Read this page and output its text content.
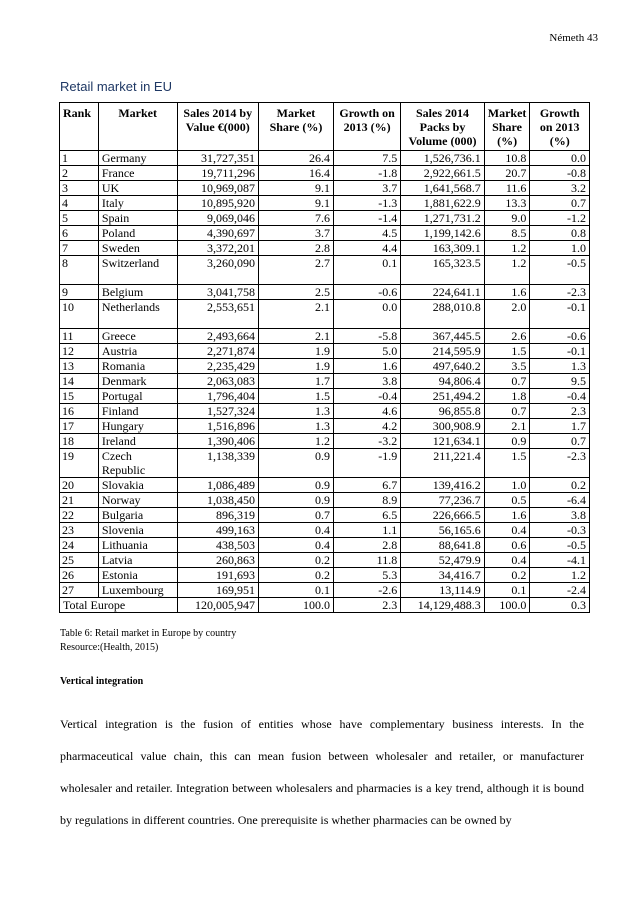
Németh 43
Retail market in EU
Rank	Market	Sales 2014 by Value €(000)	Market Share (%)	Growth on 2013 (%)	Sales 2014 Packs by Volume (000)	Market Share (%)	Growth on 2013 (%)
1	Germany	31,727,351	26.4	7.5	1,526,736.1	10.8	0.0
2	France	19,711,296	16.4	-1.8	2,922,661.5	20.7	-0.8
3	UK	10,969,087	9.1	3.7	1,641,568.7	11.6	3.2
4	Italy	10,895,920	9.1	-1.3	1,881,622.9	13.3	0.7
5	Spain	9,069,046	7.6	-1.4	1,271,731.2	9.0	-1.2
6	Poland	4,390,697	3.7	4.5	1,199,142.6	8.5	0.8
7	Sweden	3,372,201	2.8	4.4	163,309.1	1.2	1.0
8	Switzerland	3,260,090	2.7	0.1	165,323.5	1.2	-0.5
9	Belgium	3,041,758	2.5	-0.6	224,641.1	1.6	-2.3
10	Netherlands	2,553,651	2.1	0.0	288,010.8	2.0	-0.1
11	Greece	2,493,664	2.1	-5.8	367,445.5	2.6	-0.6
12	Austria	2,271,874	1.9	5.0	214,595.9	1.5	-0.1
13	Romania	2,235,429	1.9	1.6	497,640.2	3.5	1.3
14	Denmark	2,063,083	1.7	3.8	94,806.4	0.7	9.5
15	Portugal	1,796,404	1.5	-0.4	251,494.2	1.8	-0.4
16	Finland	1,527,324	1.3	4.6	96,855.8	0.7	2.3
17	Hungary	1,516,896	1.3	4.2	300,908.9	2.1	1.7
18	Ireland	1,390,406	1.2	-3.2	121,634.1	0.9	0.7
19	Czech Republic	1,138,339	0.9	-1.9	211,221.4	1.5	-2.3
20	Slovakia	1,086,489	0.9	6.7	139,416.2	1.0	0.2
21	Norway	1,038,450	0.9	8.9	77,236.7	0.5	-6.4
22	Bulgaria	896,319	0.7	6.5	226,666.5	1.6	3.8
23	Slovenia	499,163	0.4	1.1	56,165.6	0.4	-0.3
24	Lithuania	438,503	0.4	2.8	88,641.8	0.6	-0.5
25	Latvia	260,863	0.2	11.8	52,479.9	0.4	-4.1
26	Estonia	191,693	0.2	5.3	34,416.7	0.2	1.2
27	Luxembourg	169,951	0.1	-2.6	13,114.9	0.1	-2.4
Total Europe		120,005,947	100.0	2.3	14,129,488.3	100.0	0.3
Table 6: Retail market in Europe by country
Resource:(Health, 2015)
Vertical integration
Vertical integration is the fusion of entities whose have complementary business interests. In the pharmaceutical value chain, this can mean fusion between wholesaler and retailer, or manufacturer wholesaler and retailer. Integration between wholesalers and pharmacies is a key trend, although it is bound by regulations in different countries. One prerequisite is whether pharmacies can be owned by
